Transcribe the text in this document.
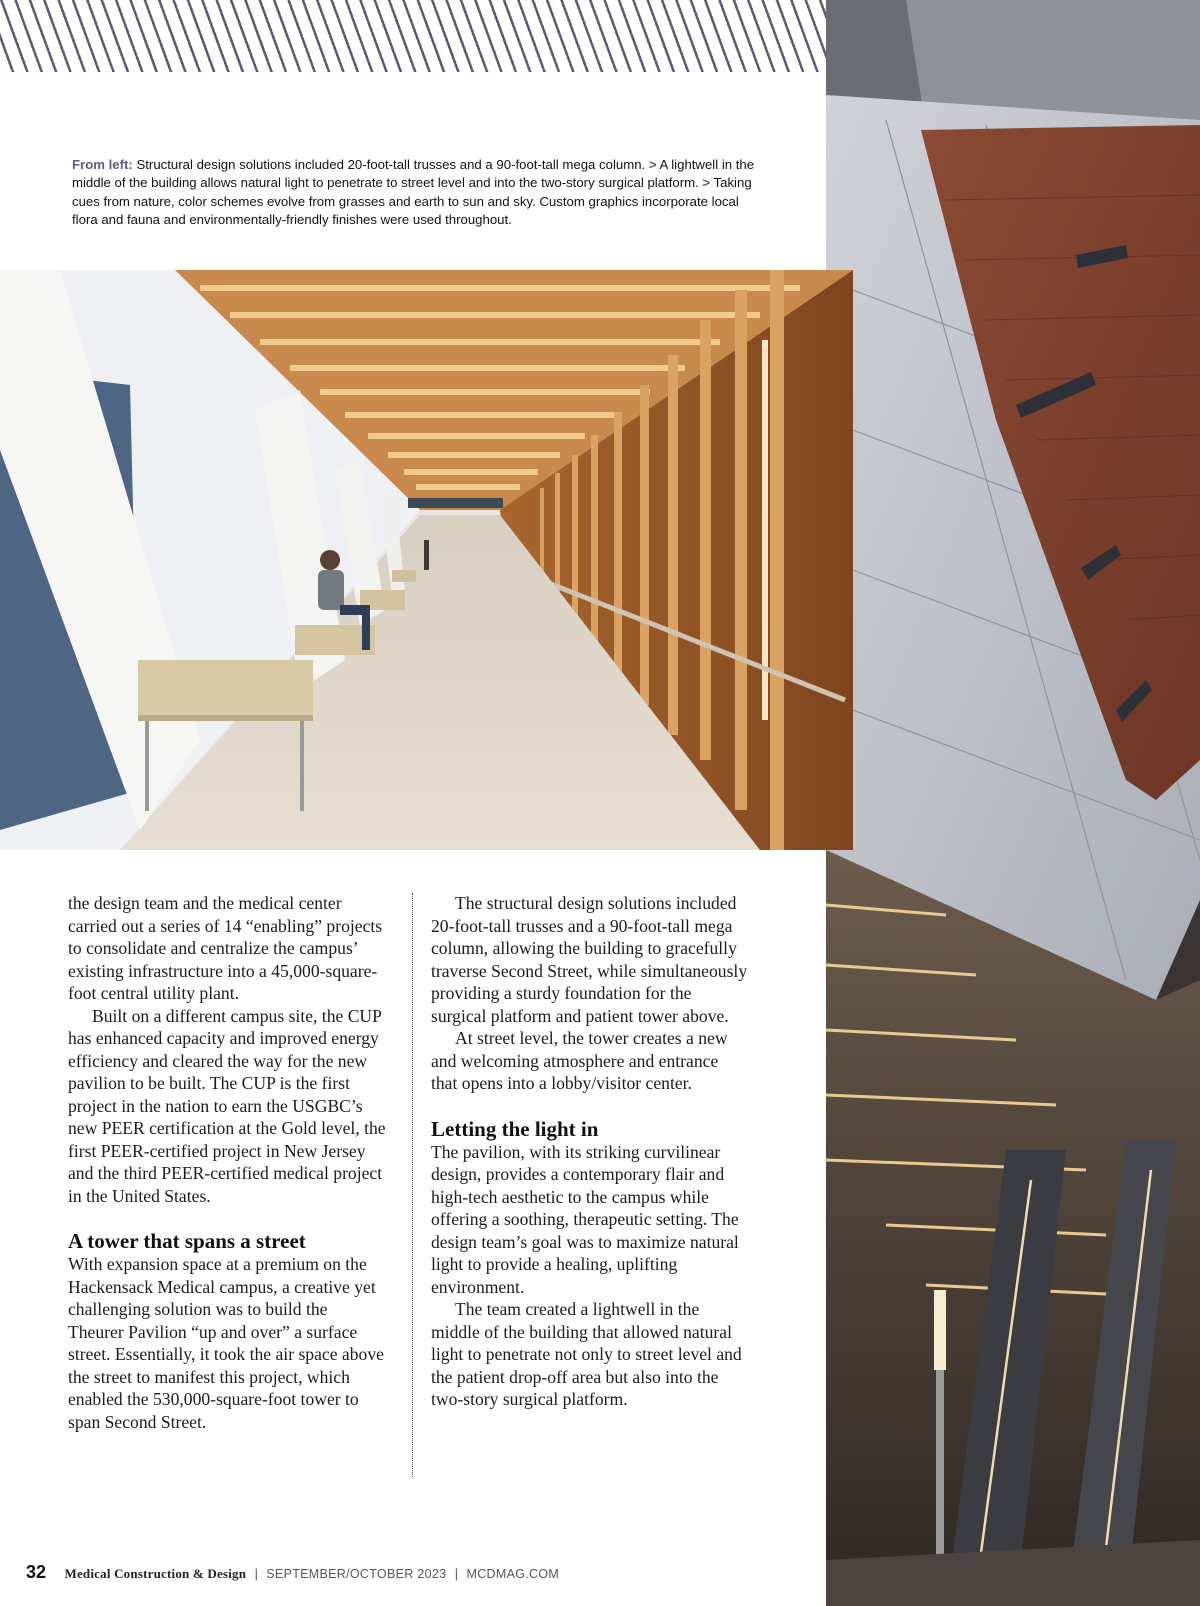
From left: Structural design solutions included 20-foot-tall trusses and a 90-foot-tall mega column. > A lightwell in the middle of the building allows natural light to penetrate to street level and into the two-story surgical platform. > Taking cues from nature, color schemes evolve from grasses and earth to sun and sky. Custom graphics incorporate local flora and fauna and environmentally-friendly finishes were used throughout.

the design team and the medical center carried out a series of 14 “enabling” projects to consolidate and centralize the campus’ existing infrastructure into a 45,000-square-foot central utility plant.

Built on a different campus site, the CUP has enhanced capacity and improved energy efficiency and cleared the way for the new pavilion to be built. The CUP is the first project in the nation to earn the USGBC’s new PEER certification at the Gold level, the first PEER-certified project in New Jersey and the third PEER-certified medical project in the United States.

A tower that spans a street

With expansion space at a premium on the Hackensack Medical campus, a creative yet challenging solution was to build the Theurer Pavilion “up and over” a surface street. Essentially, it took the air space above the street to manifest this project, which enabled the 530,000-square-foot tower to span Second Street.

The structural design solutions included 20-foot-tall trusses and a 90-foot-tall mega column, allowing the building to gracefully traverse Second Street, while simultaneously providing a sturdy foundation for the surgical platform and patient tower above.

At street level, the tower creates a new and welcoming atmosphere and entrance that opens into a lobby/visitor center.

Letting the light in

The pavilion, with its striking curvilinear design, provides a contemporary flair and high-tech aesthetic to the campus while offering a soothing, therapeutic setting. The design team’s goal was to maximize natural light to provide a healing, uplifting environment.

The team created a lightwell in the middle of the building that allowed natural light to penetrate not only to street level and the patient drop-off area but also into the two-story surgical platform.

32 Medical Construction & Design | SEPTEMBER/OCTOBER 2023 | MCDMAG.COM
